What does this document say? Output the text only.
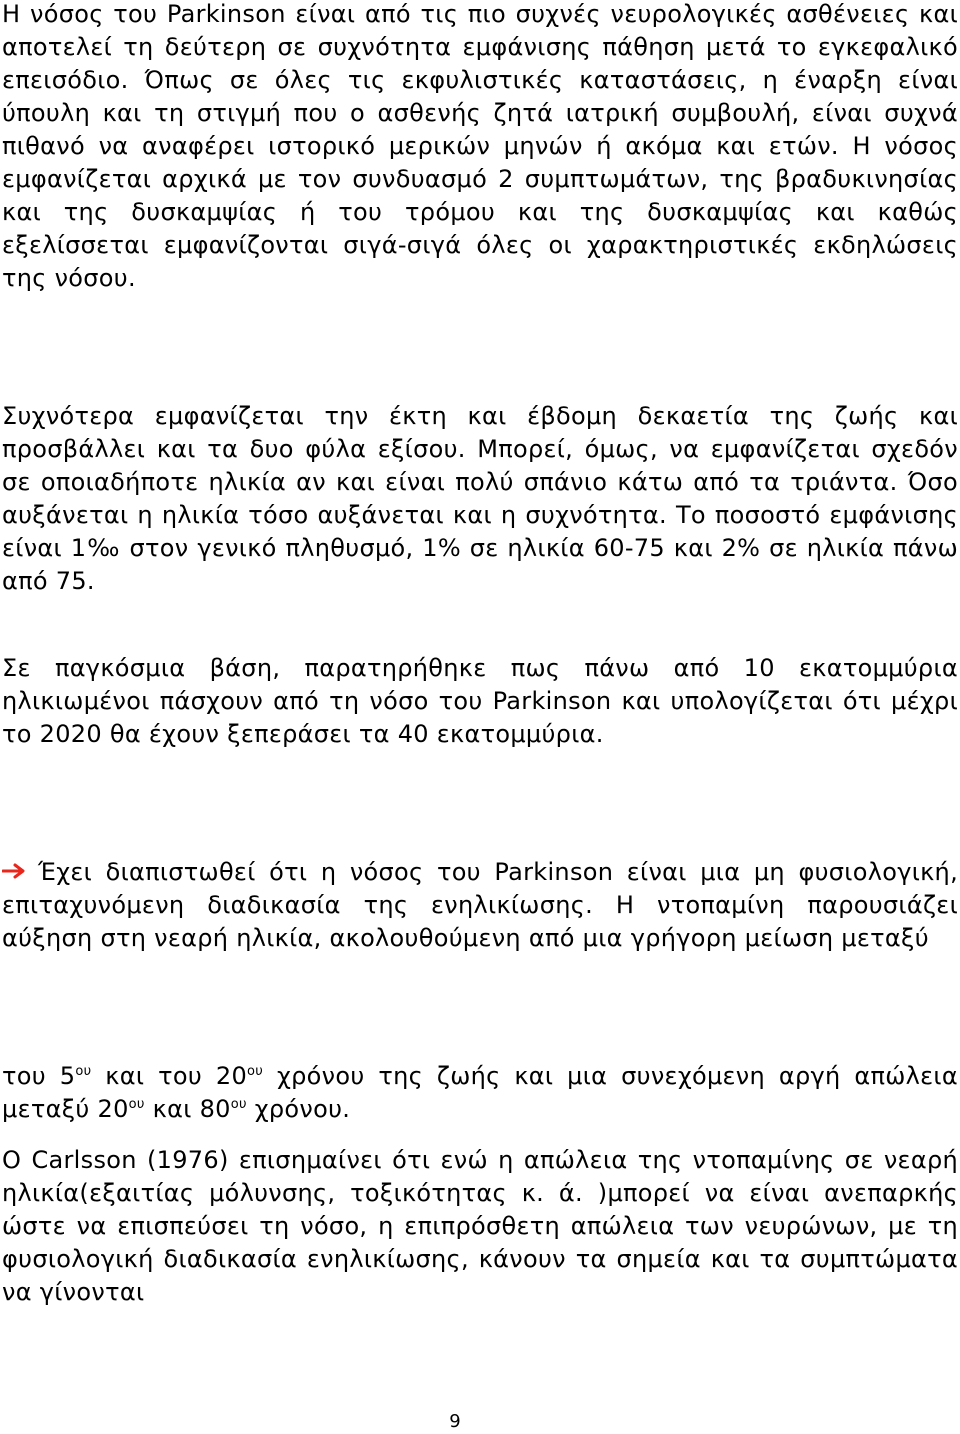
Η νόσος του Parkinson είναι από τις πιο συχνές νευρολογικές ασθένειες και αποτελεί τη δεύτερη σε συχνότητα εμφάνισης πάθηση μετά το εγκεφαλικό επεισόδιο. Όπως σε όλες τις εκφυλιστικές καταστάσεις, η έναρξη είναι ύπουλη και τη στιγμή που ο ασθενής ζητά ιατρική συμβουλή, είναι συχνά πιθανό να αναφέρει ιστορικό μερικών μηνών ή ακόμα και ετών. Η νόσος εμφανίζεται αρχικά με τον συνδυασμό 2 συμπτωμάτων, της βραδυκινησίας και της δυσκαμψίας ή του τρόμου και της δυσκαμψίας και καθώς εξελίσσεται εμφανίζονται σιγά-σιγά όλες οι χαρακτηριστικές εκδηλώσεις της νόσου.

Συχνότερα εμφανίζεται την έκτη και έβδομη δεκαετία της ζωής και προσβάλλει και τα δυο φύλα εξίσου. Μπορεί, όμως, να εμφανίζεται σχεδόν σε οποιαδήποτε ηλικία αν και είναι πολύ σπάνιο κάτω από τα τριάντα. Όσο αυξάνεται η ηλικία τόσο αυξάνεται και η συχνότητα. Το ποσοστό εμφάνισης είναι 1‰ στον γενικό πληθυσμό, 1% σε ηλικία 60-75 και 2% σε ηλικία πάνω από 75.

Σε παγκόσμια βάση, παρατηρήθηκε πως πάνω από 10 εκατομμύρια ηλικιωμένοι πάσχουν από τη νόσο του Parkinson και υπολογίζεται ότι μέχρι το 2020 θα έχουν ξεπεράσει τα 40 εκατομμύρια.

Έχει διαπιστωθεί ότι η νόσος του Parkinson είναι μια μη φυσιολογική, επιταχυνόμενη διαδικασία της ενηλικίωσης. Η ντοπαμίνη παρουσιάζει αύξηση στη νεαρή ηλικία, ακολουθούμενη από μια γρήγορη μείωση μεταξύ

του $5^{o\upsilon}$ και του $20^{o\upsilon}$ χρόνου της ζωής και μια συνεχόμενη αργή απώλεια μεταξύ $20^{o\upsilon}$ και $80^{o\upsilon}$ χρόνου.

Ο Carlsson (1976) επισημαίνει ότι ενώ η απώλεια της ντοπαμίνης σε νεαρή ηλικία(εξαιτίας μόλυνσης, τοξικότητας κ. ά. )μπορεί να είναι ανεπαρκής ώστε να επισπεύσει τη νόσο, η επιπρόσθετη απώλεια των νευρώνων, με τη φυσιολογική διαδικασία ενηλικίωσης, κάνουν τα σημεία και τα συμπτώματα να γίνονται

9
